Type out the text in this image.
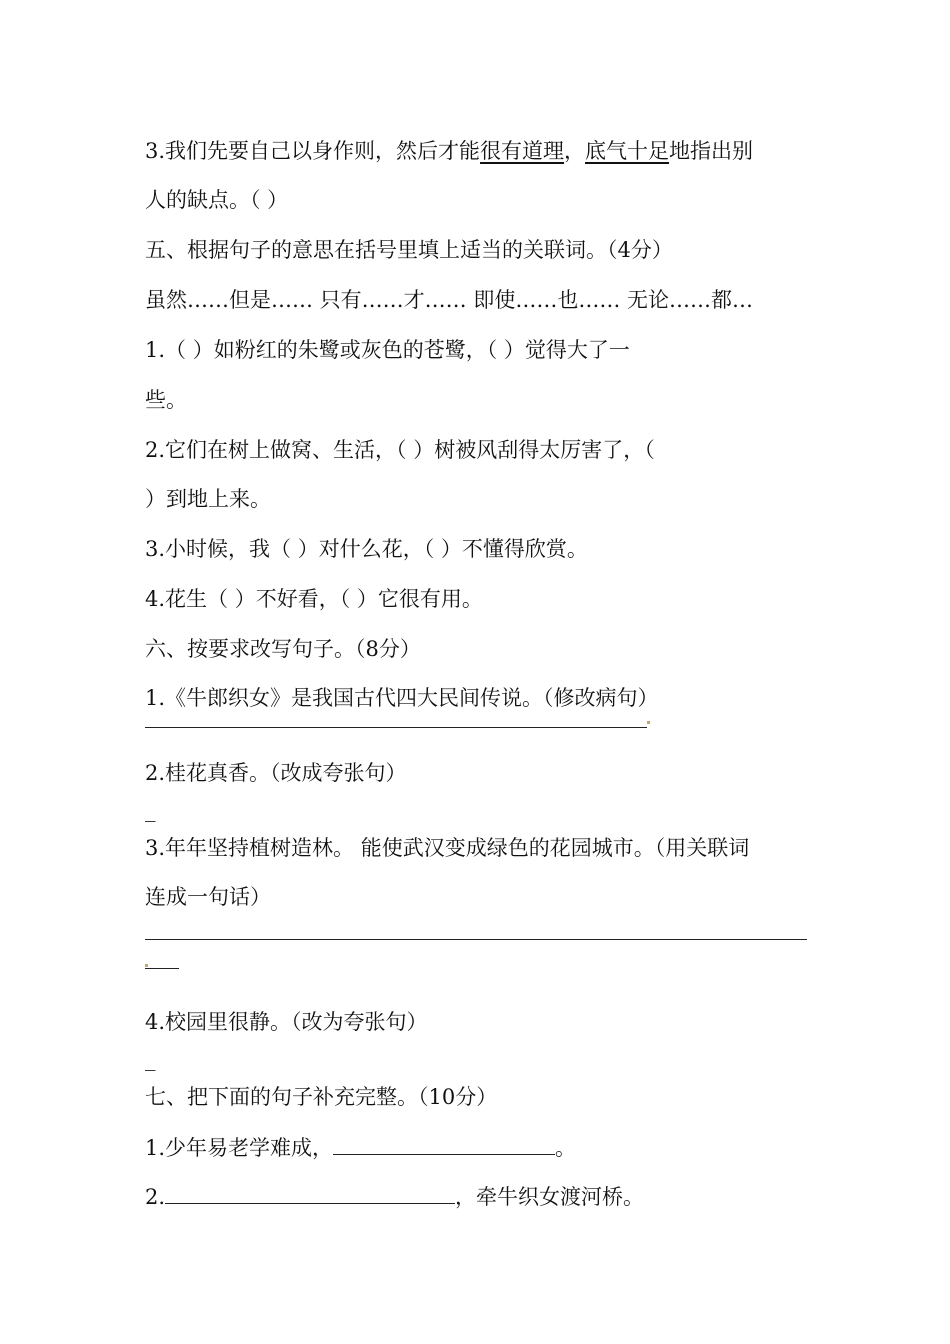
3.我们先要自己以身作则，然后才能很有道理，底气十足地指出别

人的缺点。（ ）

五、根据句子的意思在括号里填上适当的关联词。（4分）

虽然……但是…… 只有……才…… 即使……也…… 无论……都…

1.（ ）如粉红的朱鹭或灰色的苍鹭，（ ）觉得大了一

些。

2.它们在树上做窝、生活，（ ）树被风刮得太厉害了，（

）到地上来。

3.小时候，我（ ）对什么花，（ ）不懂得欣赏。

4.花生（ ）不好看，（ ）它很有用。

六、按要求改写句子。（8分）

1.《牛郎织女》是我国古代四大民间传说。（修改病句）

2.桂花真香。（改成夸张句）

_

3.年年坚持植树造林。 能使武汉变成绿色的花园城市。（用关联词

连成一句话）

4.校园里很静。（改为夸张句）

_

七、把下面的句子补充完整。（10分）

1.少年易老学难成，	。

2.	，牵牛织女渡河桥。
